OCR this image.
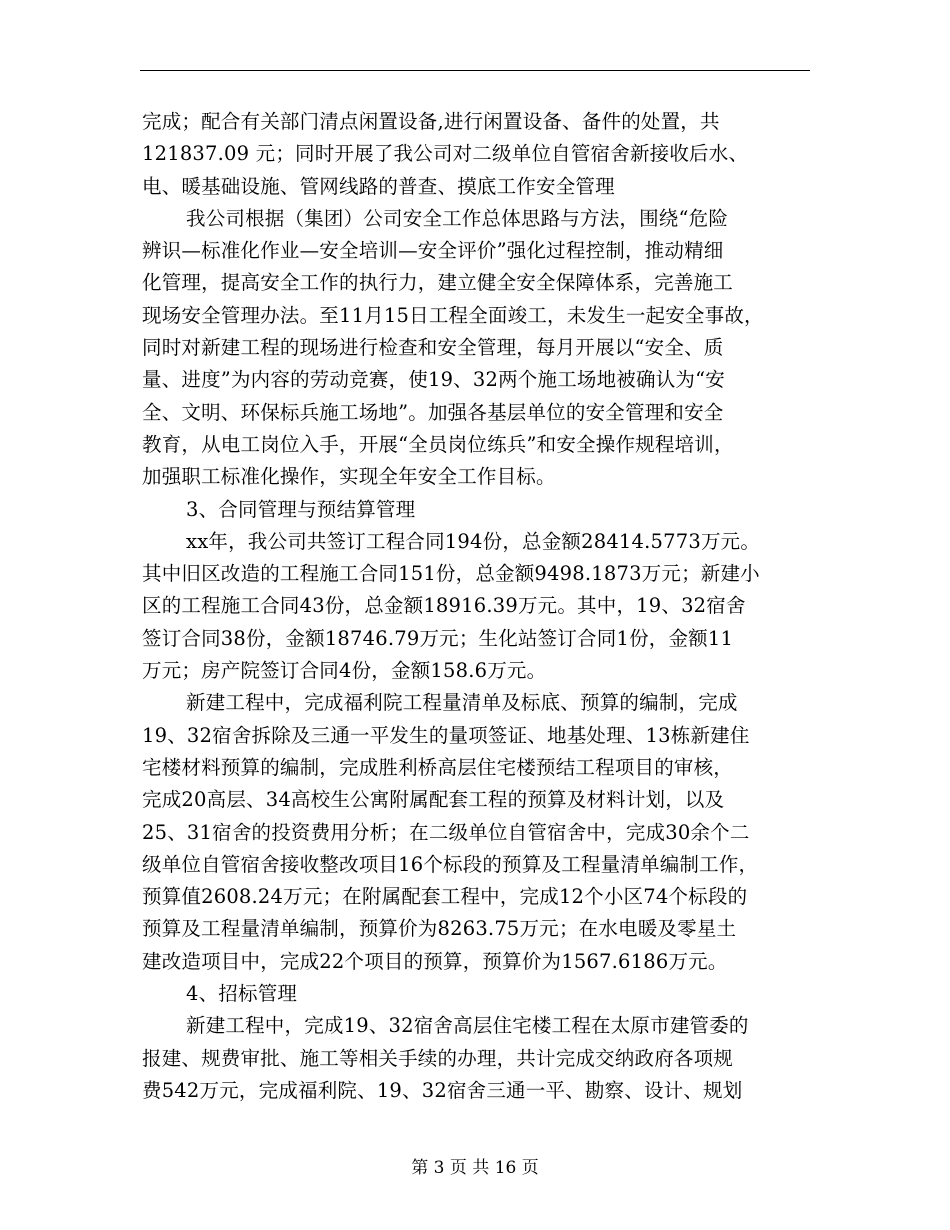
完成；配合有关部门清点闲置设备,进行闲置设备、备件的处置，共
121837.09 元；同时开展了我公司对二级单位自管宿舍新接收后水、
电、暖基础设施、管网线路的普查、摸底工作安全管理
我公司根据（集团）公司安全工作总体思路与方法，围绕“危险
辨识—标准化作业—安全培训—安全评价”强化过程控制，推动精细
化管理，提高安全工作的执行力，建立健全安全保障体系，完善施工
现场安全管理办法。至11月15日工程全面竣工，未发生一起安全事故，
同时对新建工程的现场进行检查和安全管理，每月开展以“安全、质
量、进度”为内容的劳动竞赛，使19、32两个施工场地被确认为“安
全、文明、环保标兵施工场地”。加强各基层单位的安全管理和安全
教育，从电工岗位入手，开展“全员岗位练兵”和安全操作规程培训，
加强职工标准化操作，实现全年安全工作目标。
3、合同管理与预结算管理
xx年，我公司共签订工程合同194份，总金额28414.5773万元。
其中旧区改造的工程施工合同151份，总金额9498.1873万元；新建小
区的工程施工合同43份，总金额18916.39万元。其中，19、32宿舍
签订合同38份，金额18746.79万元；生化站签订合同1份，金额11
万元；房产院签订合同4份，金额158.6万元。
新建工程中，完成福利院工程量清单及标底、预算的编制，完成
19、32宿舍拆除及三通一平发生的量项签证、地基处理、13栋新建住
宅楼材料预算的编制，完成胜利桥高层住宅楼预结工程项目的审核，
完成20高层、34高校生公寓附属配套工程的预算及材料计划，以及
25、31宿舍的投资费用分析；在二级单位自管宿舍中，完成30余个二
级单位自管宿舍接收整改项目16个标段的预算及工程量清单编制工作，
预算值2608.24万元；在附属配套工程中，完成12个小区74个标段的
预算及工程量清单编制，预算价为8263.75万元；在水电暖及零星土
建改造项目中，完成22个项目的预算，预算价为1567.6186万元。
4、招标管理
新建工程中，完成19、32宿舍高层住宅楼工程在太原市建管委的
报建、规费审批、施工等相关手续的办理，共计完成交纳政府各项规
费542万元，完成福利院、19、32宿舍三通一平、勘察、设计、规划
第 3 页 共 16 页
